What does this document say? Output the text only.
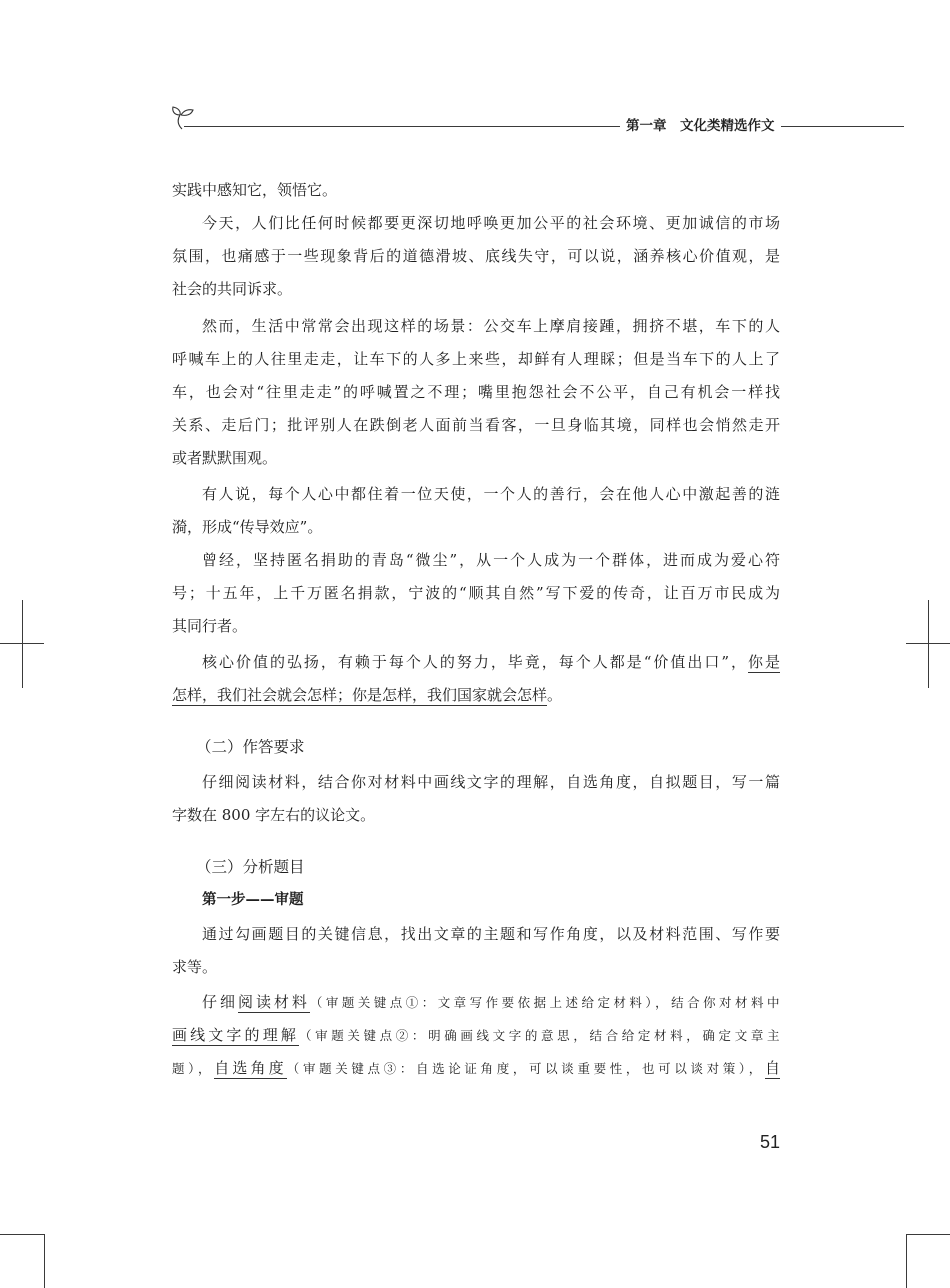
第一章　文化类精选作文
实践中感知它，领悟它。
今天，人们比任何时候都要更深切地呼唤更加公平的社会环境、更加诚信的市场
氛围，也痛感于一些现象背后的道德滑坡、底线失守，可以说，涵养核心价值观，是
社会的共同诉求。
然而，生活中常常会出现这样的场景：公交车上摩肩接踵，拥挤不堪，车下的人
呼喊车上的人往里走走，让车下的人多上来些，却鲜有人理睬；但是当车下的人上了
车，也会对“往里走走”的呼喊置之不理；嘴里抱怨社会不公平，自己有机会一样找
关系、走后门；批评别人在跌倒老人面前当看客，一旦身临其境，同样也会悄然走开
或者默默围观。
有人说，每个人心中都住着一位天使，一个人的善行，会在他人心中激起善的涟
漪，形成“传导效应”。
曾经，坚持匿名捐助的青岛“微尘”，从一个人成为一个群体，进而成为爱心符
号；十五年，上千万匿名捐款，宁波的“顺其自然”写下爱的传奇，让百万市民成为
其同行者。
核心价值的弘扬，有赖于每个人的努力，毕竟，每个人都是“价值出口”，你是
怎样，我们社会就会怎样；你是怎样，我们国家就会怎样。
（二）作答要求
仔细阅读材料，结合你对材料中画线文字的理解，自选角度，自拟题目，写一篇
字数在 800 字左右的议论文。
（三）分析题目
第一步——审题
通过勾画题目的关键信息，找出文章的主题和写作角度，以及材料范围、写作要
求等。
仔细阅读材料（审题关键点①：文章写作要依据上述给定材料），结合你对材料中
画线文字的理解（审题关键点②：明确画线文字的意思，结合给定材料，确定文章主
题），自选角度（审题关键点③：自选论证角度，可以谈重要性，也可以谈对策），自
51
